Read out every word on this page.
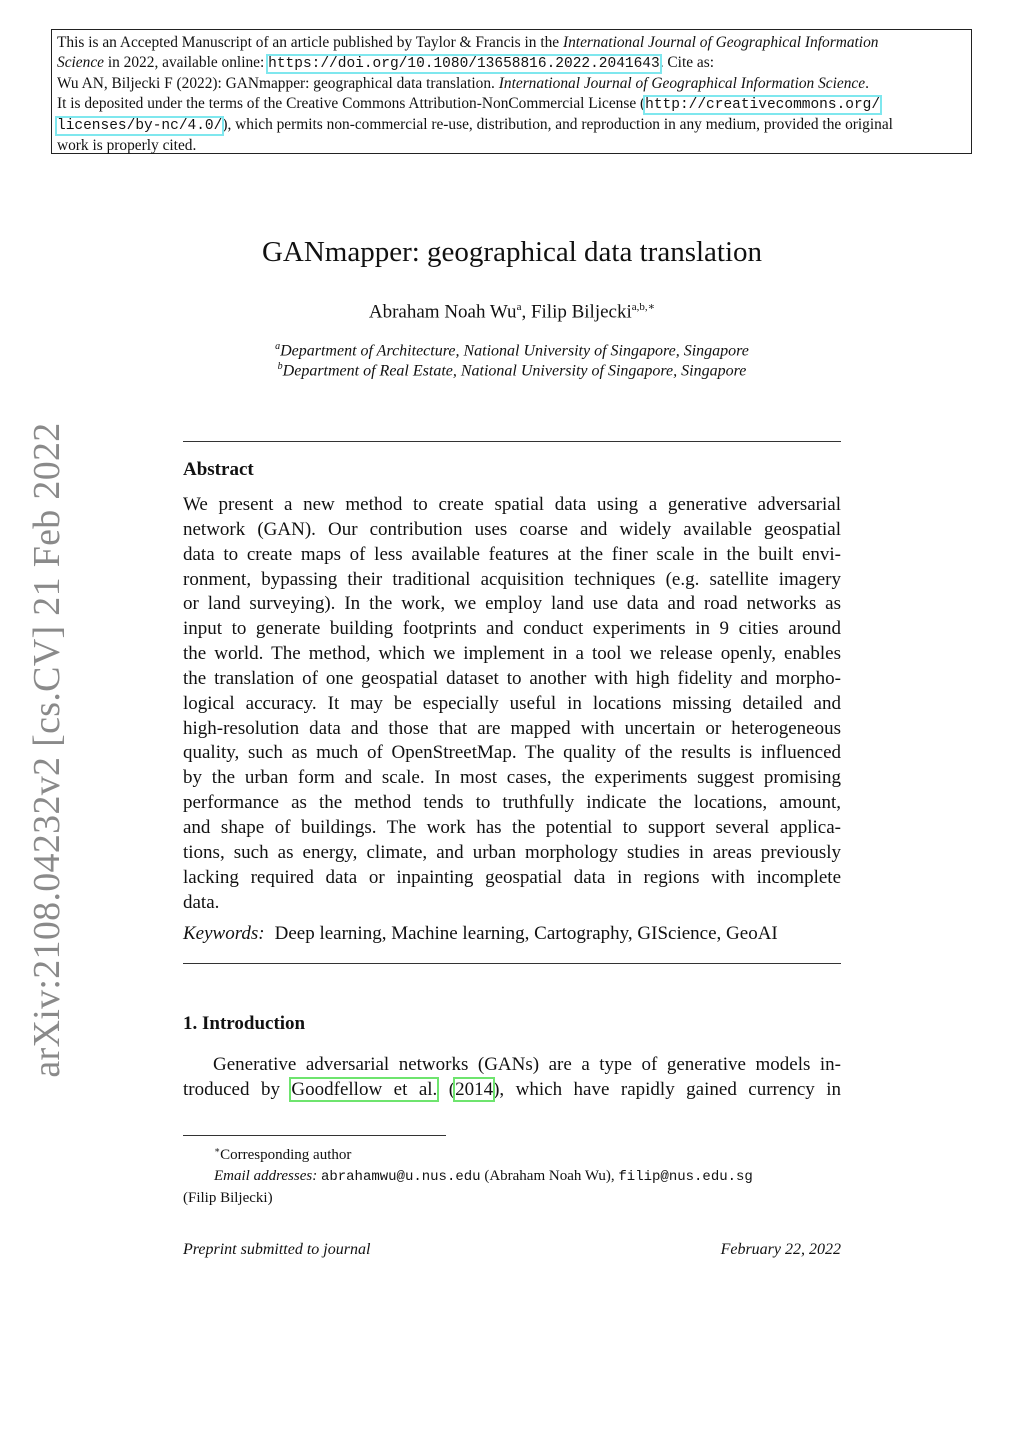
This is an Accepted Manuscript of an article published by Taylor & Francis in the International Journal of Geographical Information
Science in 2022, available online: https://doi.org/10.1080/13658816.2022.2041643. Cite as:
Wu AN, Biljecki F (2022): GANmapper: geographical data translation. International Journal of Geographical Information Science.
It is deposited under the terms of the Creative Commons Attribution-NonCommercial License (http://creativecommons.org/
licenses/by-nc/4.0/), which permits non-commercial re-use, distribution, and reproduction in any medium, provided the original
work is properly cited.
arXiv:2108.04232v2 [cs.CV] 21 Feb 2022
GANmapper: geographical data translation
Abraham Noah Wu$^a$, Filip Biljecki$^{a,b,∗}$
$^a$Department of Architecture, National University of Singapore, Singapore
$^b$Department of Real Estate, National University of Singapore, Singapore
Abstract
We present a new method to create spatial data using a generative adversarial
network (GAN). Our contribution uses coarse and widely available geospatial
data to create maps of less available features at the finer scale in the built envi-
ronment, bypassing their traditional acquisition techniques (e.g. satellite imagery
or land surveying). In the work, we employ land use data and road networks as
input to generate building footprints and conduct experiments in 9 cities around
the world. The method, which we implement in a tool we release openly, enables
the translation of one geospatial dataset to another with high fidelity and morpho-
logical accuracy. It may be especially useful in locations missing detailed and
high-resolution data and those that are mapped with uncertain or heterogeneous
quality, such as much of OpenStreetMap. The quality of the results is influenced
by the urban form and scale. In most cases, the experiments suggest promising
performance as the method tends to truthfully indicate the locations, amount,
and shape of buildings. The work has the potential to support several applica-
tions, such as energy, climate, and urban morphology studies in areas previously
lacking required data or inpainting geospatial data in regions with incomplete
data.
Keywords: Deep learning, Machine learning, Cartography, GIScience, GeoAI
1. Introduction
Generative adversarial networks (GANs) are a type of generative models in-
troduced by Goodfellow et al. (2014), which have rapidly gained currency in
∗Corresponding author
Email addresses: abrahamwu@u.nus.edu (Abraham Noah Wu), filip@nus.edu.sg
(Filip Biljecki)
Preprint submitted to journal	February 22, 2022
